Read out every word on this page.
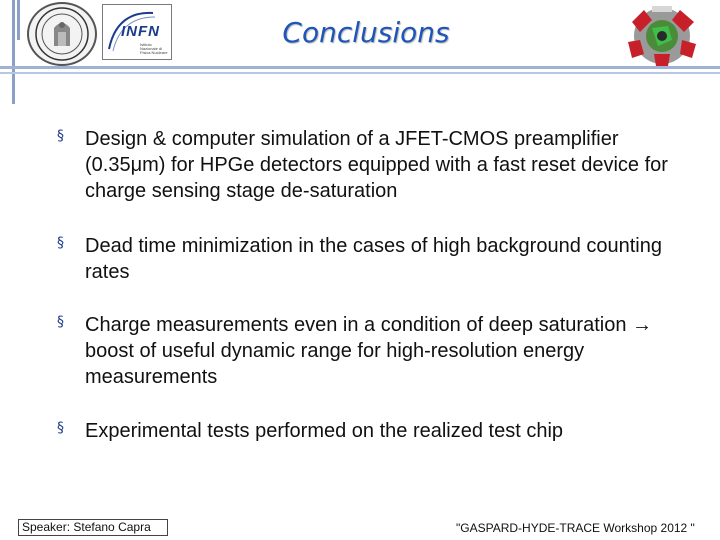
INFN
Istituto Nazionale di Fisica Nucleare
Conclusions
§	Design & computer simulation of a JFET-CMOS preamplifier (0.35μm) for HPGe detectors equipped with a fast reset device for charge sensing stage de-saturation
§	Dead time minimization in the cases of high background counting rates
§	Charge measurements even in a condition of deep saturation → boost of useful dynamic range for high-resolution energy measurements
§	Experimental tests performed on the realized test chip
Speaker: Stefano Capra	"GASPARD-HYDE-TRACE Workshop 2012 "
